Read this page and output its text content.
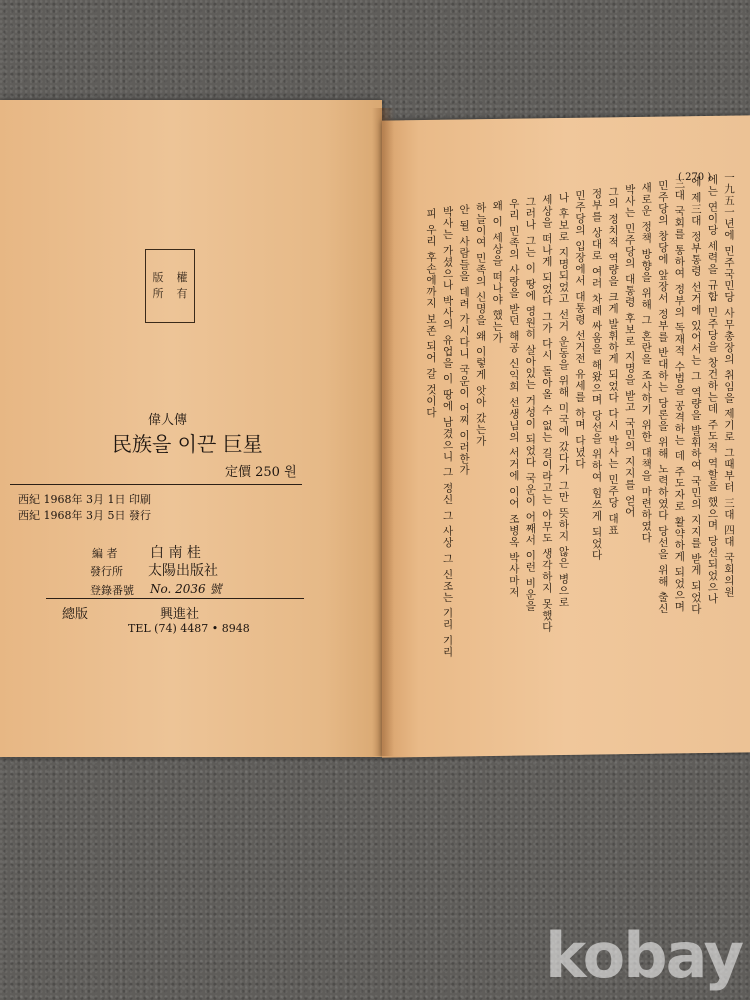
版	權
所	有
偉人傳
民族을 이끈 巨星
定價 250 원
西紀 1968年 3月 1日 印刷
西紀 1968年 3月 5日 發行
編 者 白 南 桂
發行所 太陽出版社
登錄番號 No. 2036 號
總版	興進社
TEL (74) 4487 • 8948
( 270 ) 一九五一년에 민주국민당 사무총장의 취임을 제기로 그때부터 三대 四대 국회의원
에는 연이당 세력을 규합 민주당을 창건하는데 주도적 역할을 했으며 당선되었으나
에 제三대 정부통령 선거에 있어서는 그 역량을 발휘하여 국민의 지지를 받게 되었다
三대 국회를 통하여 정부의 독재적 수법을 공격하는 데 주도자로 활약하게 되었으며
민주당의 창당에 앞장서 정부를 반대하는 당론을 위해 노력하였다 당선을 위해 출신
새로운 정책 방향을 위해 그 혼란을 조사하기 위한 대책을 마련하였다
박사는 민주당의 대통령 후보로 지명을 받고 국민의 지지를 얻어
그의 정치적 역량을 크게 발휘하게 되었다 다시 박사는 민주당 대표
정부를 상대로 여러 차례 싸움을 해왔으며 당선을 위하여 힘쓰게 되었다
민주당의 입장에서 대통령 선거전 유세를 하며 다녔다
나 후보로 지명되었고 선거 운동을 위해 미국에 갔다가 그만 뜻하지 않은 병으로
세상을 떠나게 되었다 그가 다시 돌아올 수 없는 길이라고는 아무도 생각하지 못했다
그러나 그는 이 땅에 영원히 살아있는 거성이 되었다 국운이 어째서 이런 비운을
우리 민족의 사랑을 받던 해공 신익희 선생님의 서거에 이어 조병옥 박사마저
왜 이 세상을 떠나야 했는가
하늘이여 민족의 신명을 왜 이렇게 앗아 갔는가
안 될 사람들을 데려 가시다니 국운이 어찌 이러한가
박사는 가셨으나 박사의 유업을 이 땅에 남겼으니 그 정신 그 사상 그 신조는 기리 기리
피 우리 후손에까지 보존 되어 갈 것이다
kobay
